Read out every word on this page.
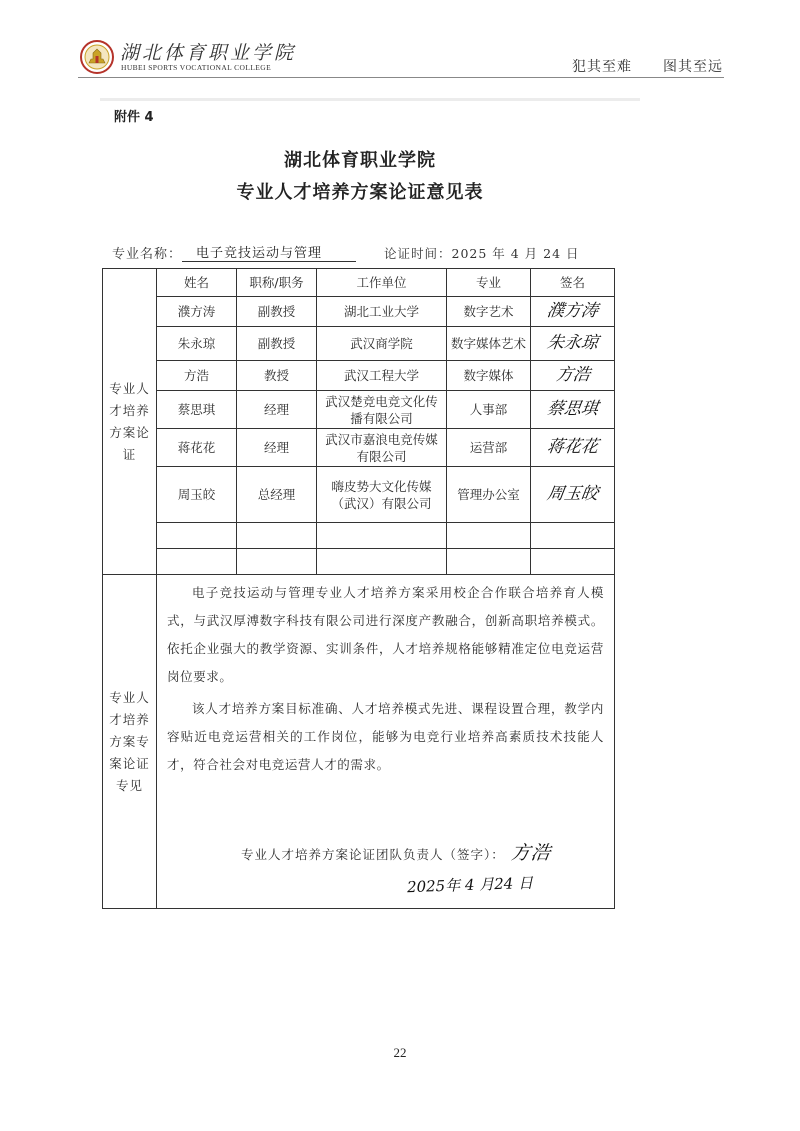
湖北体育职业学院
HUBEI SPORTS VOCATIONAL COLLEGE	犯其至难 图其至远
附件 4
湖北体育职业学院
专业人才培养方案论证意见表
专业名称：	电子竞技运动与管理	论证时间：2025 年 4 月 24 日
专业人才培养方案论证	姓名	职称/职务	工作单位	专业	签名
	濮方涛	副教授	湖北工业大学	数字艺术	濮方涛
	朱永琼	副教授	武汉商学院	数字媒体艺术	朱永琼
	方浩	教授	武汉工程大学	数字媒体	方浩
	蔡思琪	经理	武汉楚竞电竞文化传播有限公司	人事部	蔡思琪
	蒋花花	经理	武汉市嘉浪电竞传媒有限公司	运营部	蒋花花
	周玉皎	总经理	嗨皮势大文化传媒（武汉）有限公司	管理办公室	周玉皎

专业人才培养方案专案论证专见	电子竞技运动与管理专业人才培养方案采用校企合作联合培养育人模式，与武汉厚溥数字科技有限公司进行深度产教融合，创新高职培养模式。依托企业强大的教学资源、实训条件，人才培养规格能够精准定位电竞运营岗位要求。

该人才培养方案目标准确、人才培养模式先进、课程设置合理，教学内容贴近电竞运营相关的工作岗位，能够为电竞行业培养高素质技术技能人才，符合社会对电竞运营人才的需求。

专业人才培养方案论证团队负责人（签字）： 方浩
2025年 4 月24 日				
22
